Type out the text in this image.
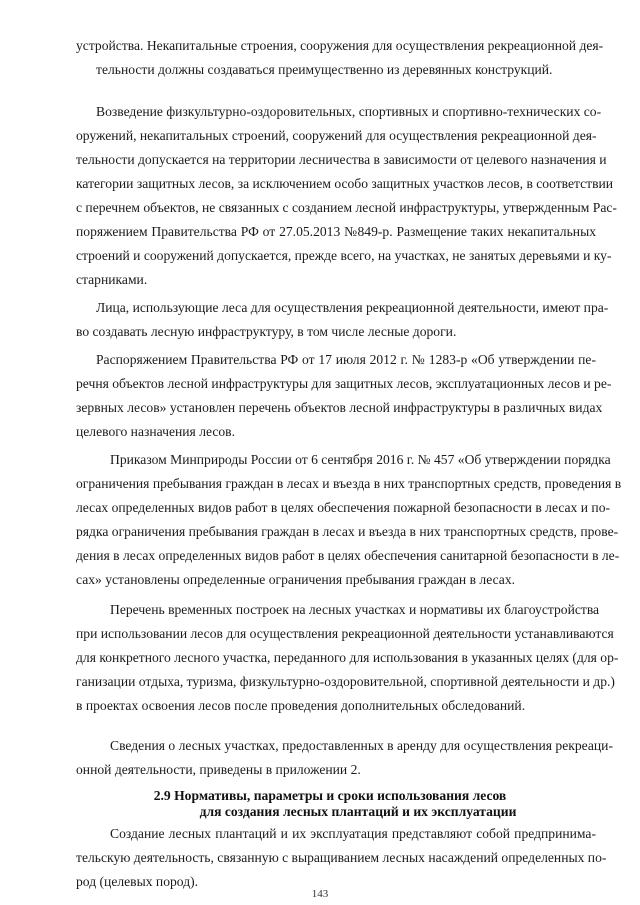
устройства. Некапитальные строения, сооружения для осуществления рекреационной дея-
тельности должны создаваться преимущественно из деревянных конструкций.
Возведение физкультурно-оздоровительных, спортивных и спортивно-технических со-
оружений, некапитальных строений, сооружений для осуществления рекреационной дея-
тельности допускается на территории лесничества в зависимости от целевого назначения и
категории защитных лесов, за исключением особо защитных участков лесов, в соответствии
с перечнем объектов, не связанных с созданием лесной инфраструктуры, утвержденным Рас-
поряжением Правительства РФ от 27.05.2013 №849-р. Размещение таких некапитальных
строений и сооружений допускается, прежде всего, на участках, не занятых деревьями и ку-
старниками.
Лица, использующие леса для осуществления рекреационной деятельности, имеют пра-
во создавать лесную инфраструктуру, в том числе лесные дороги.
Распоряжением Правительства РФ от 17 июля 2012 г. № 1283-р «Об утверждении пе-
речня объектов лесной инфраструктуры для защитных лесов, эксплуатационных лесов и ре-
зервных лесов» установлен перечень объектов лесной инфраструктуры в различных видах
целевого назначения лесов.
Приказом Минприроды России от 6 сентября 2016 г. № 457 «Об утверждении порядка
ограничения пребывания граждан в лесах и въезда в них транспортных средств, проведения в
лесах определенных видов работ в целях обеспечения пожарной безопасности в лесах и по-
рядка ограничения пребывания граждан в лесах и въезда в них транспортных средств, прове-
дения в лесах определенных видов работ в целях обеспечения санитарной безопасности в ле-
сах» установлены определенные ограничения пребывания граждан в лесах.
Перечень временных построек на лесных участках и нормативы их благоустройства
при использовании лесов для осуществления рекреационной деятельности устанавливаются
для конкретного лесного участка, переданного для использования в указанных целях (для ор-
ганизации отдыха, туризма, физкультурно-оздоровительной, спортивной деятельности и др.)
в проектах освоения лесов после проведения дополнительных обследований.
Сведения о лесных участках, предоставленных в аренду для осуществления рекреаци-
онной деятельности, приведены в приложении 2.
2.9 Нормативы, параметры и сроки использования лесов
для создания лесных плантаций и их эксплуатации
Создание лесных плантаций и их эксплуатация представляют собой предпринима-
тельскую деятельность, связанную с выращиванием лесных насаждений определенных по-
род (целевых пород).
143
